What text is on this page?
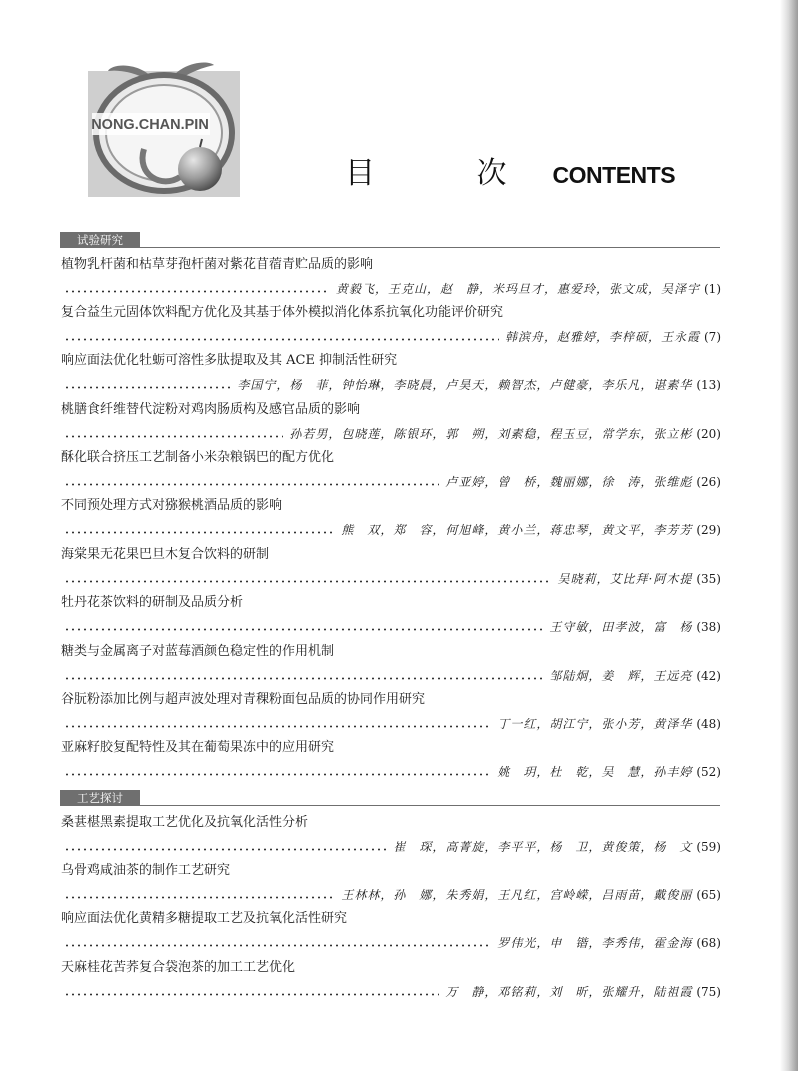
NONG.CHAN.PIN
目 次 CONTENTS
试验研究
植物乳杆菌和枯草芽孢杆菌对紫花苜蓿青贮品质的影响
黄毅飞，王克山，赵　静，米玛旦才，惠爱玲，张文成，吴泽宇 (1)
复合益生元固体饮料配方优化及其基于体外模拟消化体系抗氧化功能评价研究
韩滨舟，赵雅婷，李梓硕，王永霞 (7)
响应面法优化牡蛎可溶性多肽提取及其 ACE 抑制活性研究
李国宁，杨　菲，钟怡琳，李晓晨，卢昊天，赖智杰，卢健豪，李乐凡，谌素华 (13)
桃膳食纤维替代淀粉对鸡肉肠质构及感官品质的影响
孙若男，包晓莲，陈银环，郭　朔，刘素稳，程玉豆，常学东，张立彬 (20)
酥化联合挤压工艺制备小米杂粮锅巴的配方优化
卢亚婷，曾　桥，魏丽娜，徐　涛，张维彪 (26)
不同预处理方式对猕猴桃酒品质的影响
熊　双，郑　容，何旭峰，黄小兰，蒋忠琴，黄文平，李芳芳 (29)
海棠果无花果巴旦木复合饮料的研制
吴晓莉，艾比拜·阿木提 (35)
牡丹花茶饮料的研制及品质分析
王守敏，田孝波，富　杨 (38)
糖类与金属离子对蓝莓酒颜色稳定性的作用机制
邹陆炯，姜　辉，王远亮 (42)
谷朊粉添加比例与超声波处理对青稞粉面包品质的协同作用研究
丁一红，胡江宁，张小芳，黄泽华 (48)
亚麻籽胶复配特性及其在葡萄果冻中的应用研究
姚　玥，杜　乾，吴　慧，孙丰婷 (52)
工艺探讨
桑葚椹黑素提取工艺优化及抗氧化活性分析
崔　琛，高菁旋，李平平，杨　卫，黄俊策，杨　文 (59)
乌骨鸡咸油茶的制作工艺研究
王林林，孙　娜，朱秀娟，王凡红，宫岭嵘，吕雨苗，戴俊丽 (65)
响应面法优化黄精多糖提取工艺及抗氧化活性研究
罗伟光，申　锴，李秀伟，霍金海 (68)
天麻桂花苦荞复合袋泡茶的加工工艺优化
万　静，邓铭莉，刘　昕，张耀升，陆祖霞 (75)
